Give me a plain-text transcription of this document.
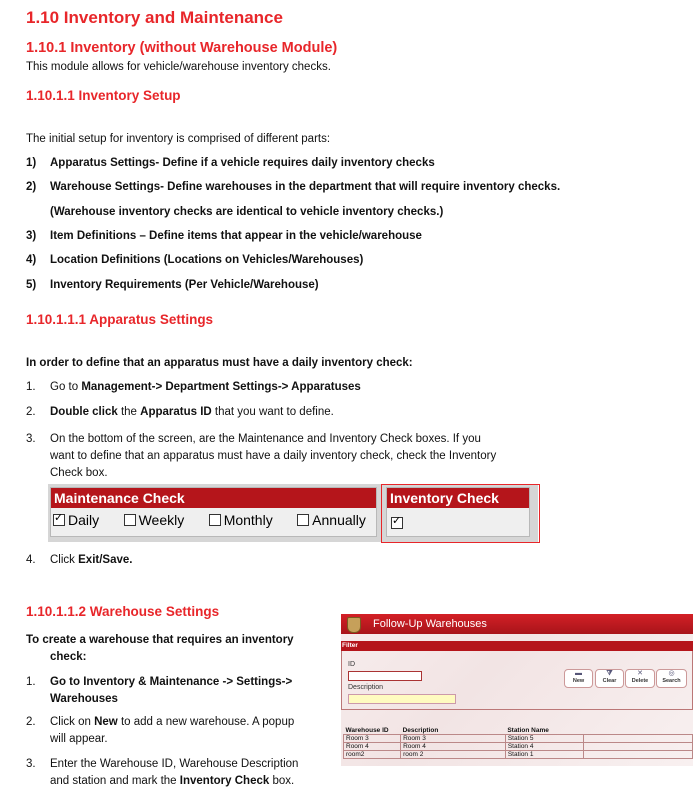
1.10 Inventory and Maintenance
1.10.1 Inventory (without Warehouse Module)
This module allows for vehicle/warehouse inventory checks.
1.10.1.1 Inventory Setup
The initial setup for inventory is comprised of different parts:
1) Apparatus Settings- Define if a vehicle requires daily inventory checks
2) Warehouse Settings- Define warehouses in the department that will require inventory checks.
(Warehouse inventory checks are identical to vehicle inventory checks.)
3) Item Definitions – Define items that appear in the vehicle/warehouse
4) Location Definitions (Locations on Vehicles/Warehouses)
5) Inventory Requirements (Per Vehicle/Warehouse)
1.10.1.1.1 Apparatus Settings
In order to define that an apparatus must have a daily inventory check:
1. Go to Management-> Department Settings-> Apparatuses
2. Double click the Apparatus ID that you want to define.
3. On the bottom of the screen, are the Maintenance and Inventory Check boxes. If you
want to define that an apparatus must have a daily inventory check, check the Inventory
Check box.
Maintenance Check
✓
Daily
	Weekly
	Monthly
	Annually
Inventory Check
✓
4. Click Exit/Save.
1.10.1.1.2 Warehouse Settings
To create a warehouse that requires an inventory
check:
1. Go to Inventory & Maintenance -> Settings->
Warehouses
2. Click on New to add a new warehouse. A popup
will appear.
3. Enter the Warehouse ID, Warehouse Description
and station and mark the Inventory Check box.
Follow-Up Warehouses
Filter
ID
Description
▬
New
⧩
Clear
✕
Delete
◎
Search
Warehouse ID	Description	Station Name	
Room 3	Room 3	Station 5	
Room 4	Room 4	Station 4	
room2	room 2	Station 1	
